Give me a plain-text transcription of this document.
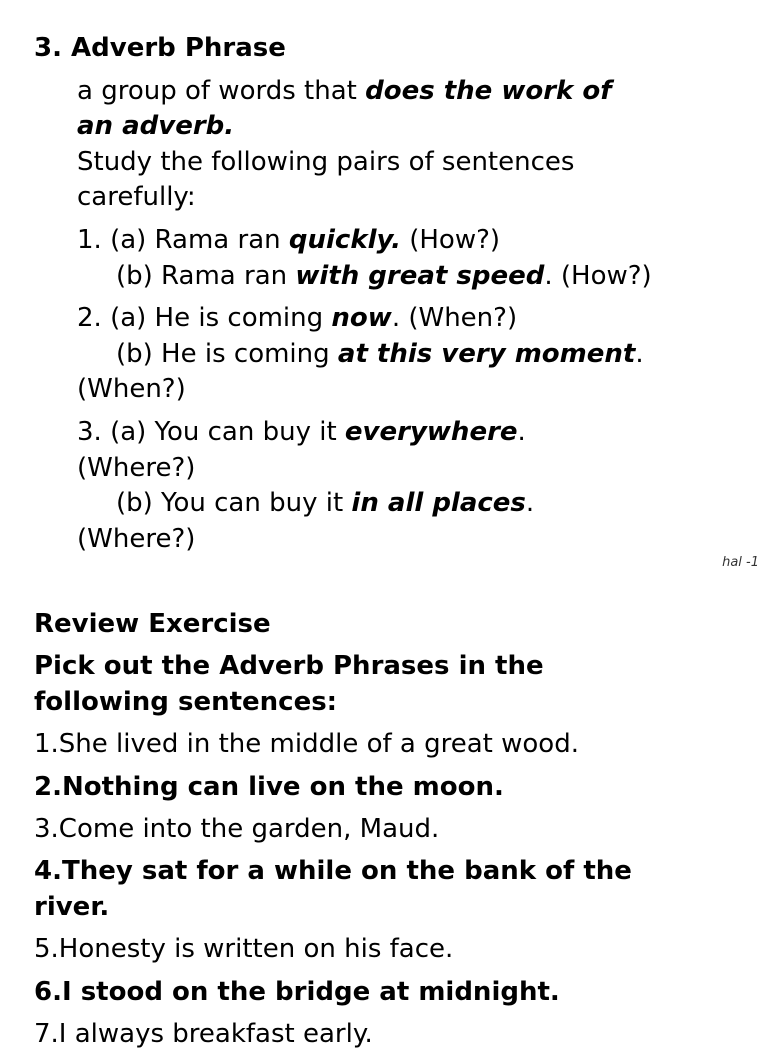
3. Adverb Phrase
a group of words that does the work of
an adverb.
Study the following pairs of sentences
carefully:
1. (a) Rama ran quickly. (How?)
(b) Rama ran with great speed. (How?)
2. (a) He is coming now. (When?)
(b) He is coming at this very moment.
(When?)
3. (a) You can buy it everywhere.
(Where?)
(b) You can buy it in all places.
(Where?)
hal -1
Review Exercise
Pick out the Adverb Phrases in the
following sentences:
1.She lived in the middle of a great wood.
2.Nothing can live on the moon.
3.Come into the garden, Maud.
4.They sat for a while on the bank of the
river.
5.Honesty is written on his face.
6.I stood on the bridge at midnight.
7.I always breakfast early.
